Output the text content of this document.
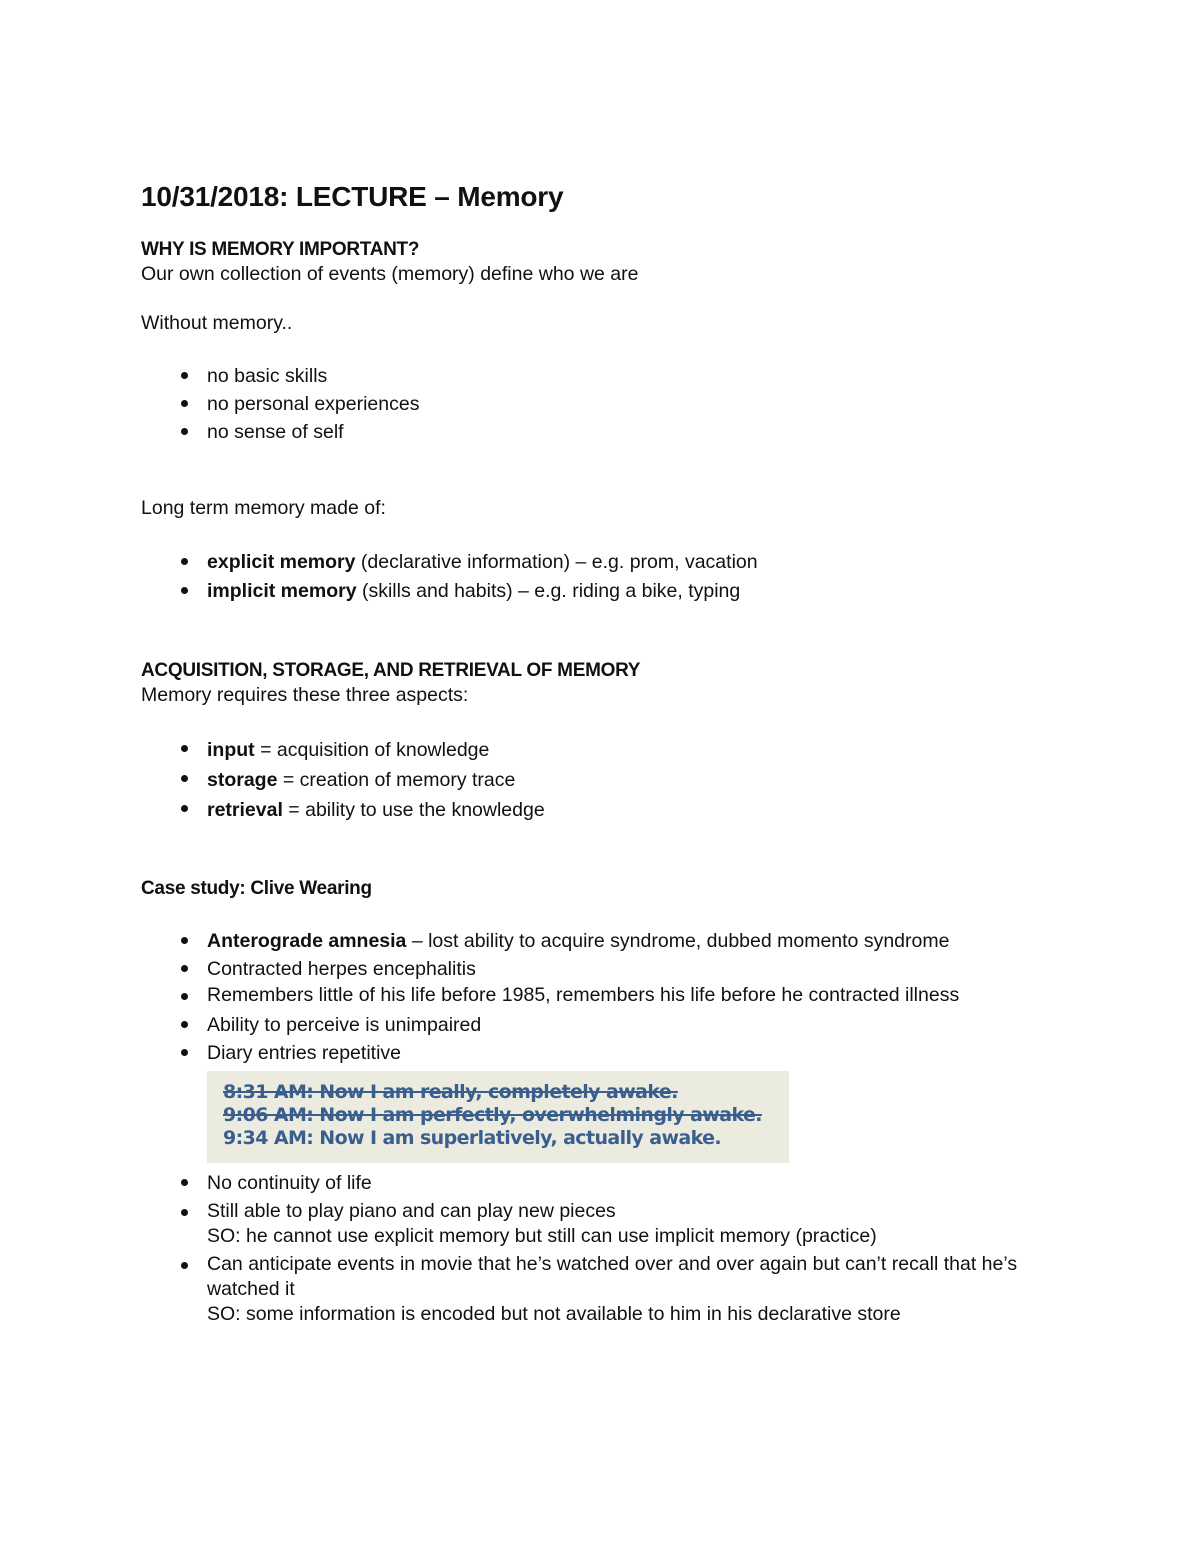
10/31/2018: LECTURE – Memory
WHY IS MEMORY IMPORTANT?

Our own collection of events (memory) define who we are

Without memory..

no basic skills
no personal experiences
no sense of self

Long term memory made of:

explicit memory (declarative information) – e.g. prom, vacation
implicit memory (skills and habits) – e.g. riding a bike, typing
ACQUISITION, STORAGE, AND RETRIEVAL OF MEMORY

Memory requires these three aspects:

input = acquisition of knowledge
storage = creation of memory trace
retrieval = ability to use the knowledge
Case study: Clive Wearing
Anterograde amnesia – lost ability to acquire syndrome, dubbed momento syndrome
Contracted herpes encephalitis
Remembers little of his life before 1985, remembers his life before he contracted illness
Ability to perceive is unimpaired
Diary entries repetitive
8:31 AM: Now I am really, completely awake.
9:06 AM: Now I am perfectly, overwhelmingly awake.
9:34 AM: Now I am superlatively, actually awake.
No continuity of life
Still able to play piano and can play new pieces
SO: he cannot use explicit memory but still can use implicit memory (practice)
Can anticipate events in movie that he’s watched over and over again but can’t recall that he’s watched it
SO: some information is encoded but not available to him in his declarative store
